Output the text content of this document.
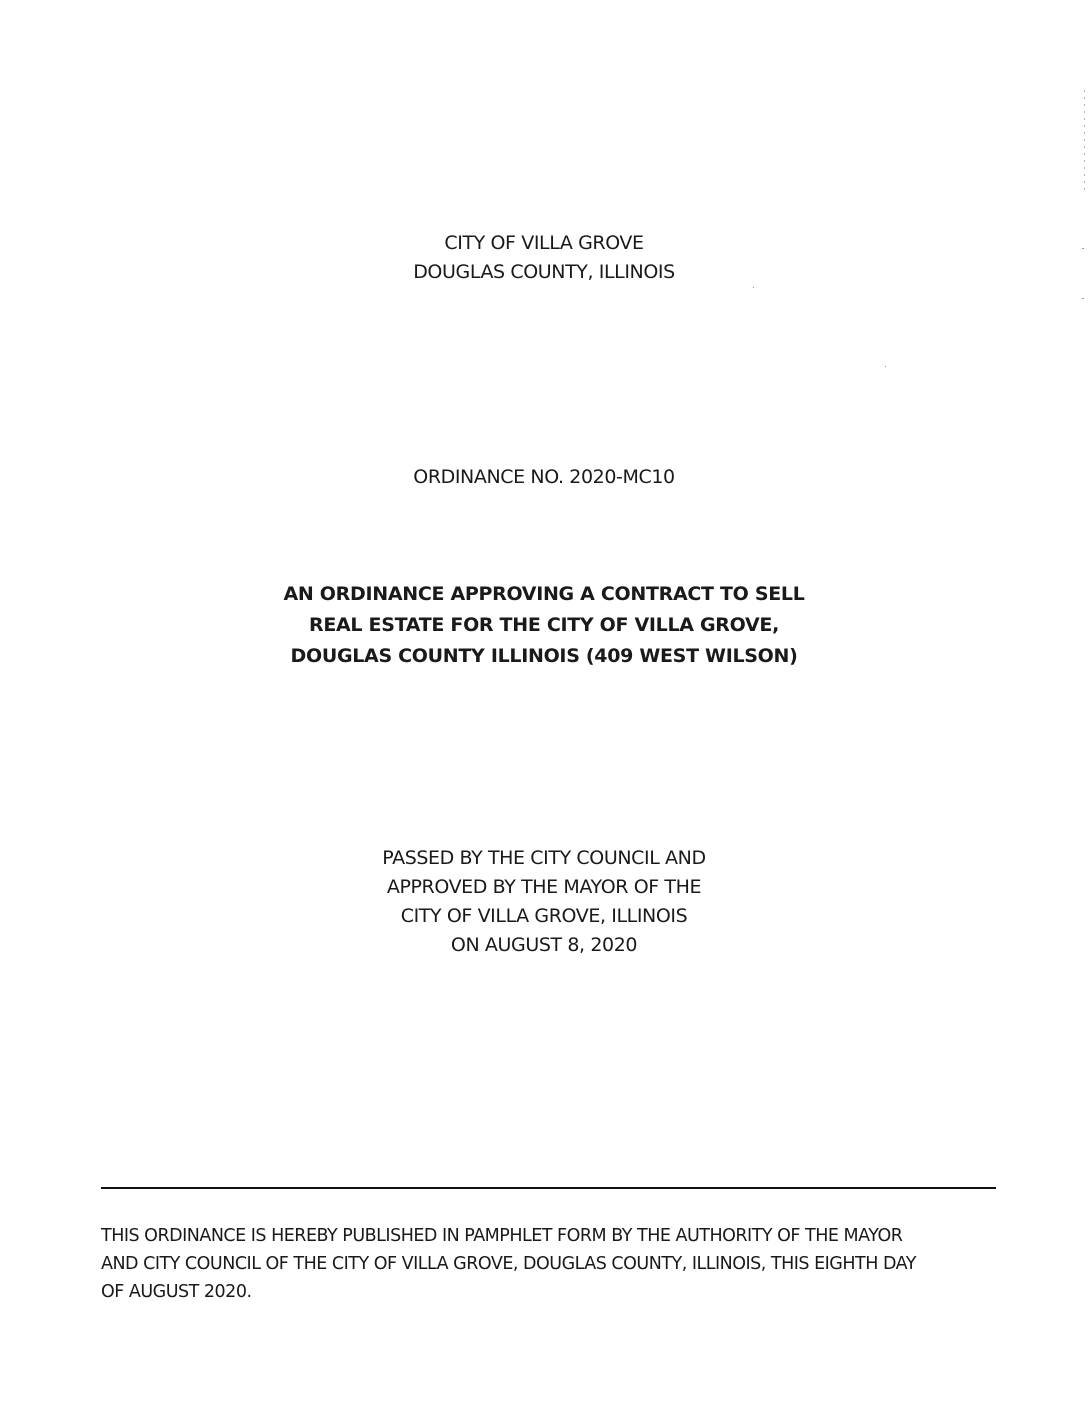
CITY OF VILLA GROVE
DOUGLAS COUNTY, ILLINOIS
ORDINANCE NO. 2020-MC10
AN ORDINANCE APPROVING A CONTRACT TO SELL
REAL ESTATE FOR THE CITY OF VILLA GROVE,
DOUGLAS COUNTY ILLINOIS (409 WEST WILSON)
PASSED BY THE CITY COUNCIL AND
APPROVED BY THE MAYOR OF THE
CITY OF VILLA GROVE, ILLINOIS
ON AUGUST 8, 2020
THIS ORDINANCE IS HEREBY PUBLISHED IN PAMPHLET FORM BY THE AUTHORITY OF THE MAYOR
AND CITY COUNCIL OF THE CITY OF VILLA GROVE, DOUGLAS COUNTY, ILLINOIS, THIS EIGHTH DAY
OF AUGUST 2020.
